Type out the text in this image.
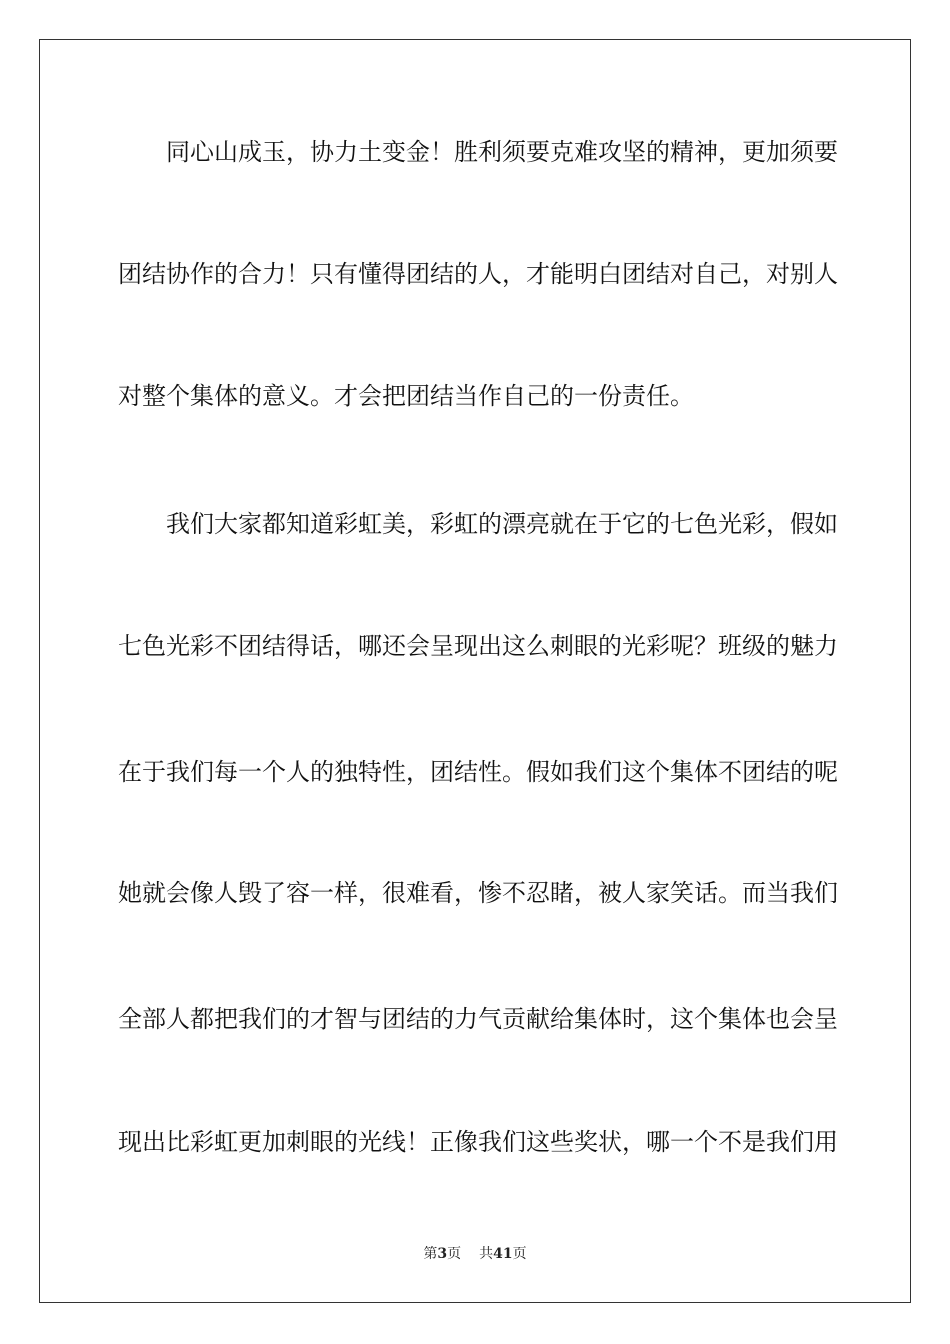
同心山成玉，协力土变金！胜利须要克难攻坚的精神，更加须要
团结协作的合力！只有懂得团结的人，才能明白团结对自己，对别人
对整个集体的意义。才会把团结当作自己的一份责任。
我们大家都知道彩虹美，彩虹的漂亮就在于它的七色光彩，假如
七色光彩不团结得话，哪还会呈现出这么刺眼的光彩呢？班级的魅力
在于我们每一个人的独特性，团结性。假如我们这个集体不团结的呢
她就会像人毁了容一样，很难看，惨不忍睹，被人家笑话。而当我们
全部人都把我们的才智与团结的力气贡献给集体时，这个集体也会呈
现出比彩虹更加刺眼的光线！正像我们这些奖状，哪一个不是我们用
第3页 共41页
